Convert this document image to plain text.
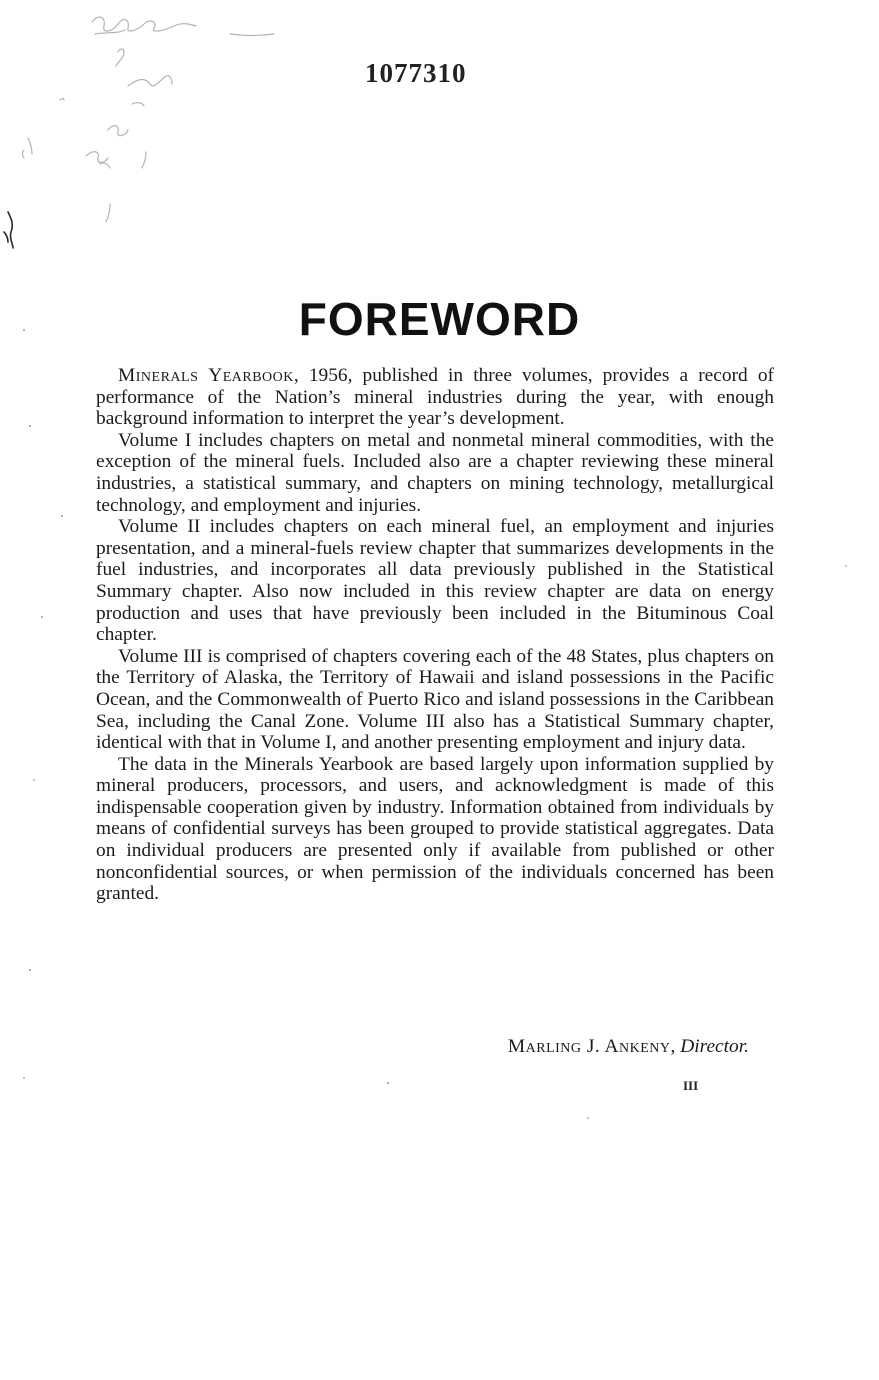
1077310
FOREWORD

Minerals Yearbook, 1956, published in three volumes, provides a record of performance of the Nation’s mineral industries during the year, with enough background information to interpret the year’s development.

Volume I includes chapters on metal and nonmetal mineral commodities, with the exception of the mineral fuels. Included also are a chapter reviewing these mineral industries, a statistical summary, and chapters on mining technology, metallurgical technology, and employment and injuries.

Volume II includes chapters on each mineral fuel, an employment and injuries presentation, and a mineral-fuels review chapter that summarizes developments in the fuel industries, and incorporates all data previously published in the Statistical Summary chapter. Also now included in this review chapter are data on energy production and uses that have previously been included in the Bituminous Coal chapter.

Volume III is comprised of chapters covering each of the 48 States, plus chapters on the Territory of Alaska, the Territory of Hawaii and island possessions in the Pacific Ocean, and the Commonwealth of Puerto Rico and island possessions in the Caribbean Sea, including the Canal Zone. Volume III also has a Statistical Summary chapter, identical with that in Volume I, and another presenting employment and injury data.

The data in the Minerals Yearbook are based largely upon information supplied by mineral producers, processors, and users, and acknowledgment is made of this indispensable cooperation given by industry. Information obtained from individuals by means of confidential surveys has been grouped to provide statistical aggregates. Data on individual producers are presented only if available from published or other nonconfidential sources, or when permission of the individuals concerned has been granted.

Marling J. Ankeny, Director.
iii
